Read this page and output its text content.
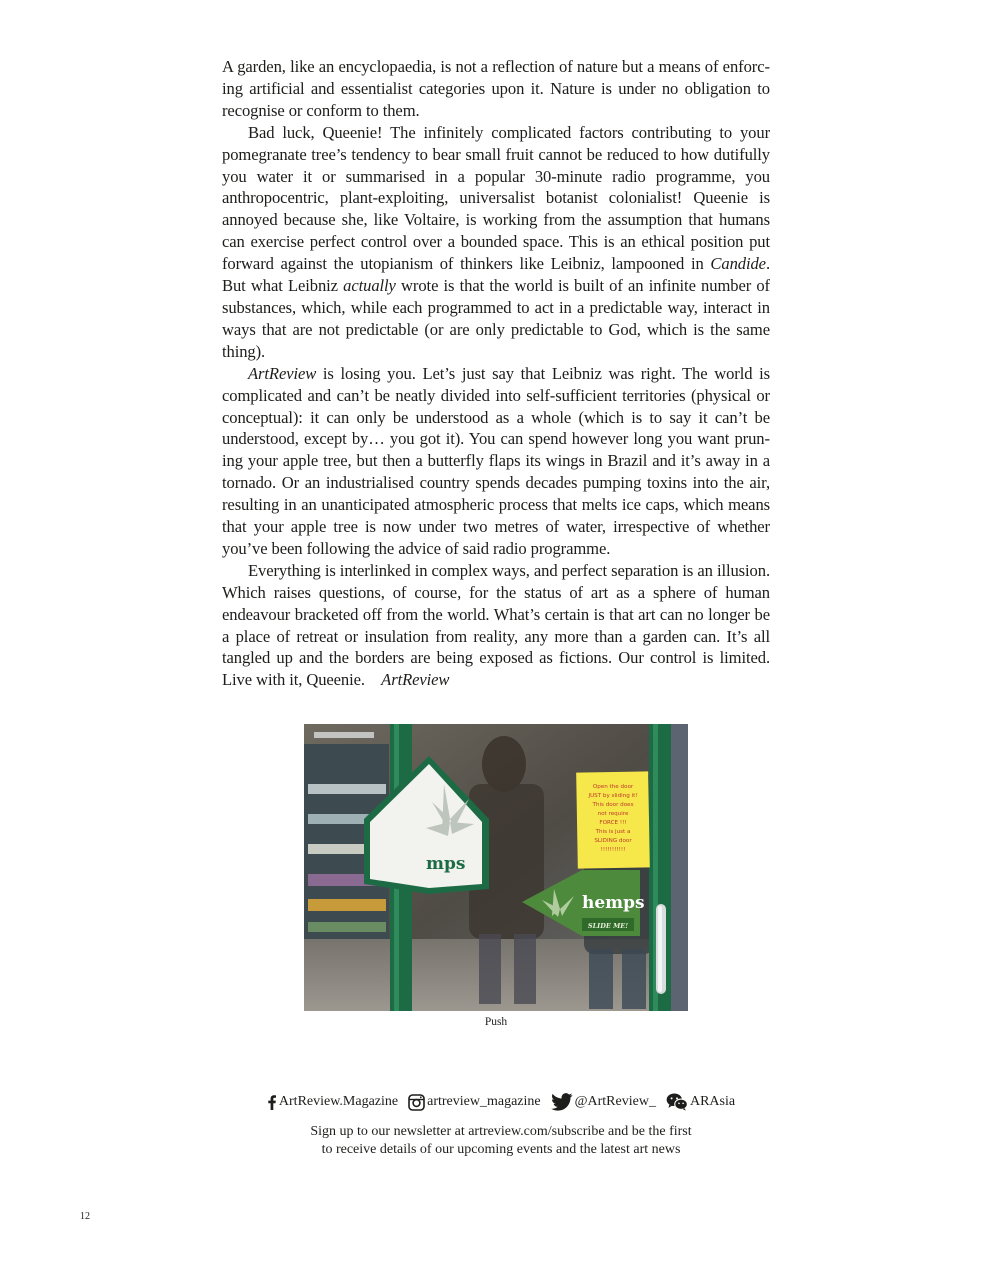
A garden, like an encyclopaedia, is not a reflection of nature but a means of enforcing artificial and essentialist categories upon it. Nature is under no obligation to recognise or conform to them.

Bad luck, Queenie! The infinitely complicated factors contributing to your pomegranate tree’s tendency to bear small fruit cannot be reduced to how dutifully you water it or summarised in a popular 30-minute radio programme, you anthropocentric, plant-exploiting, universalist botanist colonialist! Queenie is annoyed because she, like Voltaire, is working from the assumption that humans can exercise perfect control over a bounded space. This is an ethical position put forward against the utopianism of thinkers like Leibniz, lampooned in Candide. But what Leibniz actually wrote is that the world is built of an infinite number of substances, which, while each programmed to act in a predictable way, interact in ways that are not predictable (or are only predictable to God, which is the same thing).

ArtReview is losing you. Let’s just say that Leibniz was right. The world is complicated and can’t be neatly divided into self-sufficient territories (physical or conceptual): it can only be understood as a whole (which is to say it can’t be understood, except by… you got it). You can spend however long you want pruning your apple tree, but then a butterfly flaps its wings in Brazil and it’s away in a tornado. Or an industrialised country spends decades pumping toxins into the air, resulting in an unanticipated atmospheric process that melts ice caps, which means that your apple tree is now under two metres of water, irrespective of whether you’ve been following the advice of said radio programme.

Everything is interlinked in complex ways, and perfect separation is an illusion. Which raises questions, of course, for the status of art as a sphere of human endeavour bracketed off from the world. What’s certain is that art can no longer be a place of retreat or insulation from reality, any more than a garden can. It’s all tangled up and the borders are being exposed as fictions. Our control is limited. Live with it, Queenie. ArtReview

mps
Open the door
JUST by sliding it!
This door does
not require
FORCE !!!
This is just a
SLIDING door
!!!!!!!!!!!
hemps
SLIDE ME!
Push
ArtReview.Magazine artreview_magazine @ArtReview_ ARAsia
Sign up to our newsletter at artreview.com/subscribe and be the first
to receive details of our upcoming events and the latest art news
12
